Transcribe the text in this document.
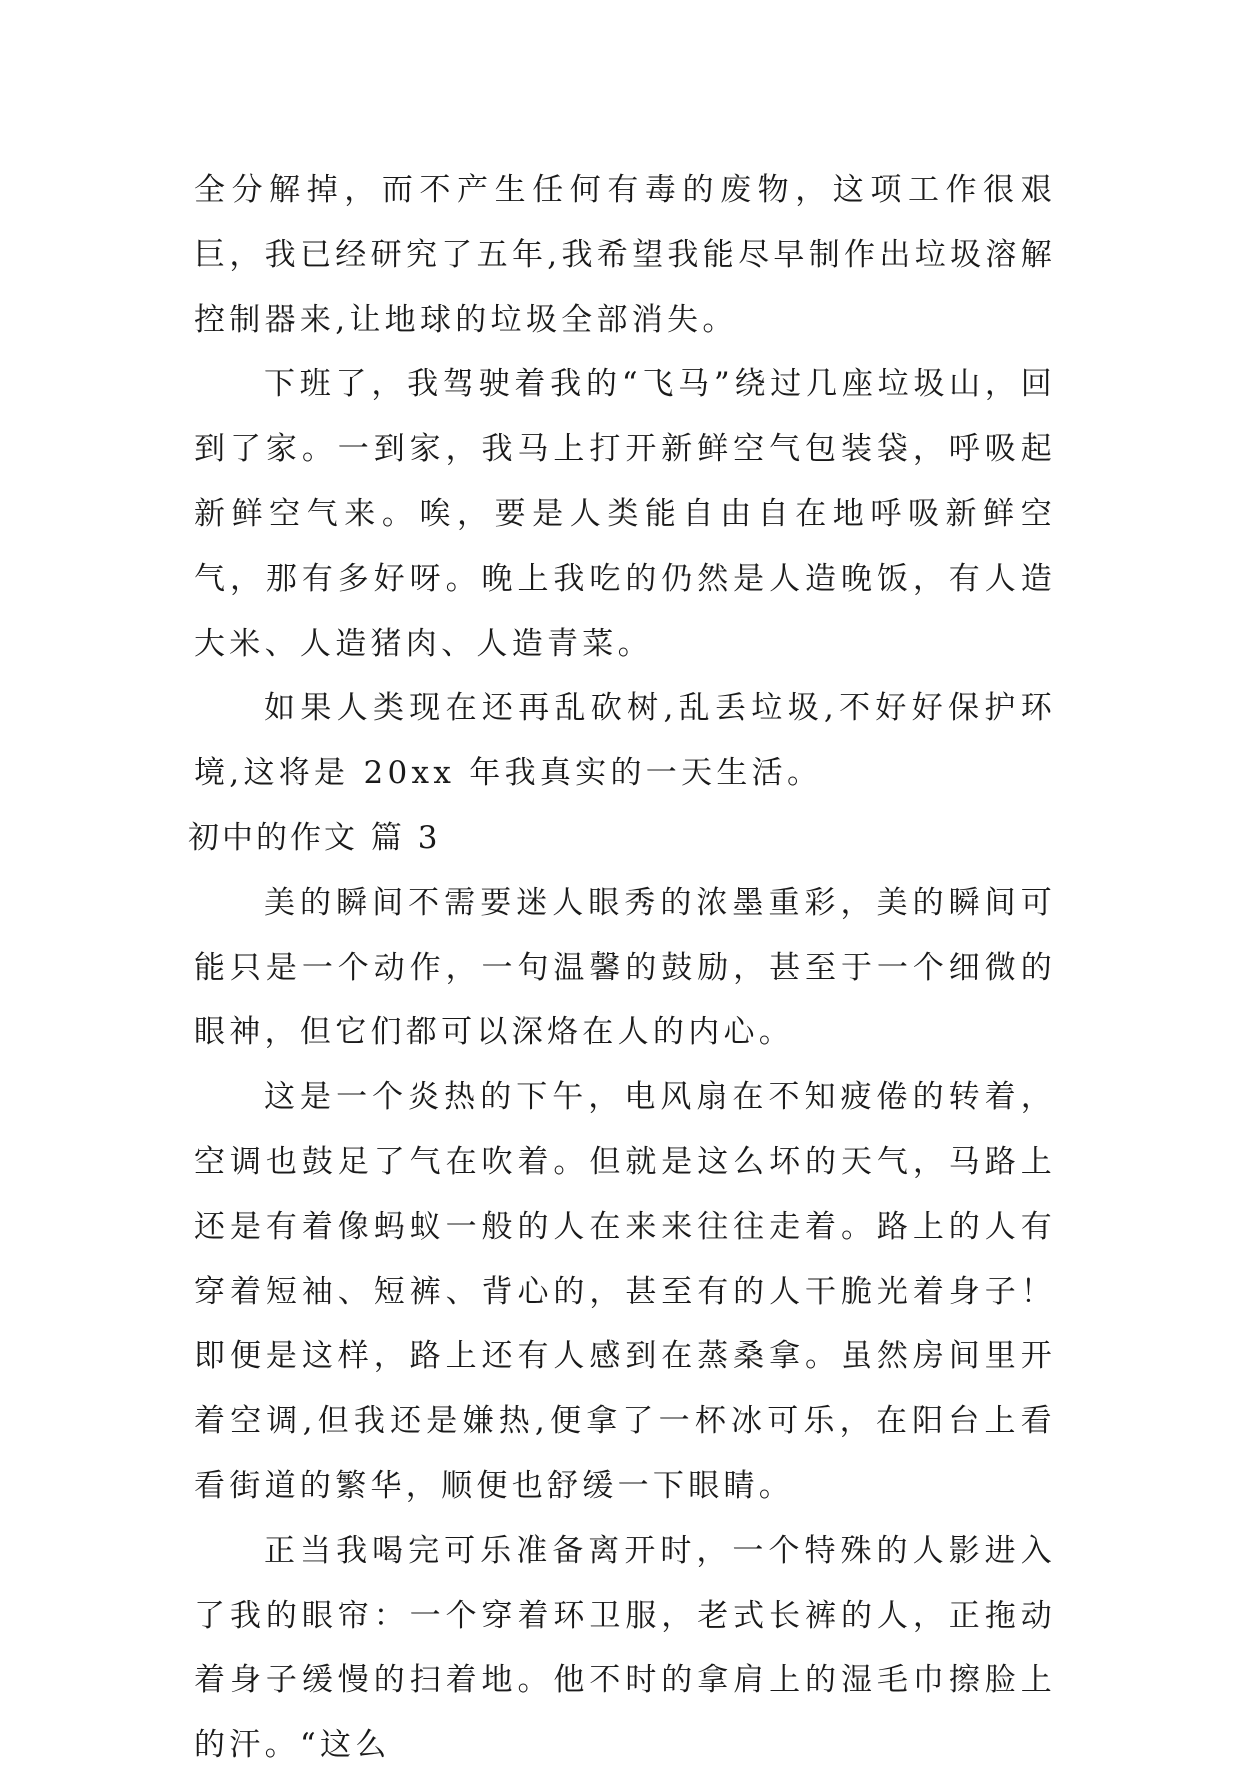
全分解掉，而不产生任何有毒的废物，这项工作很艰巨，我已经研究了五年,我希望我能尽早制作出垃圾溶解控制器来,让地球的垃圾全部消失。

下班了，我驾驶着我的“飞马”绕过几座垃圾山，回到了家。一到家，我马上打开新鲜空气包装袋，呼吸起新鲜空气来。唉，要是人类能自由自在地呼吸新鲜空气，那有多好呀。晚上我吃的仍然是人造晚饭，有人造大米、人造猪肉、人造青菜。

如果人类现在还再乱砍树,乱丢垃圾,不好好保护环境,这将是 20xx 年我真实的一天生活。

初中的作文 篇 3

美的瞬间不需要迷人眼秀的浓墨重彩，美的瞬间可能只是一个动作，一句温馨的鼓励，甚至于一个细微的眼神，但它们都可以深烙在人的内心。

这是一个炎热的下午，电风扇在不知疲倦的转着，空调也鼓足了气在吹着。但就是这么坏的天气，马路上还是有着像蚂蚁一般的人在来来往往走着。路上的人有穿着短袖、短裤、背心的，甚至有的人干脆光着身子！即便是这样，路上还有人感到在蒸桑拿。虽然房间里开着空调,但我还是嫌热,便拿了一杯冰可乐，在阳台上看看街道的繁华，顺便也舒缓一下眼睛。

正当我喝完可乐准备离开时，一个特殊的人影进入了我的眼帘：一个穿着环卫服，老式长裤的人，正拖动着身子缓慢的扫着地。他不时的拿肩上的湿毛巾擦脸上的汗。“这么
